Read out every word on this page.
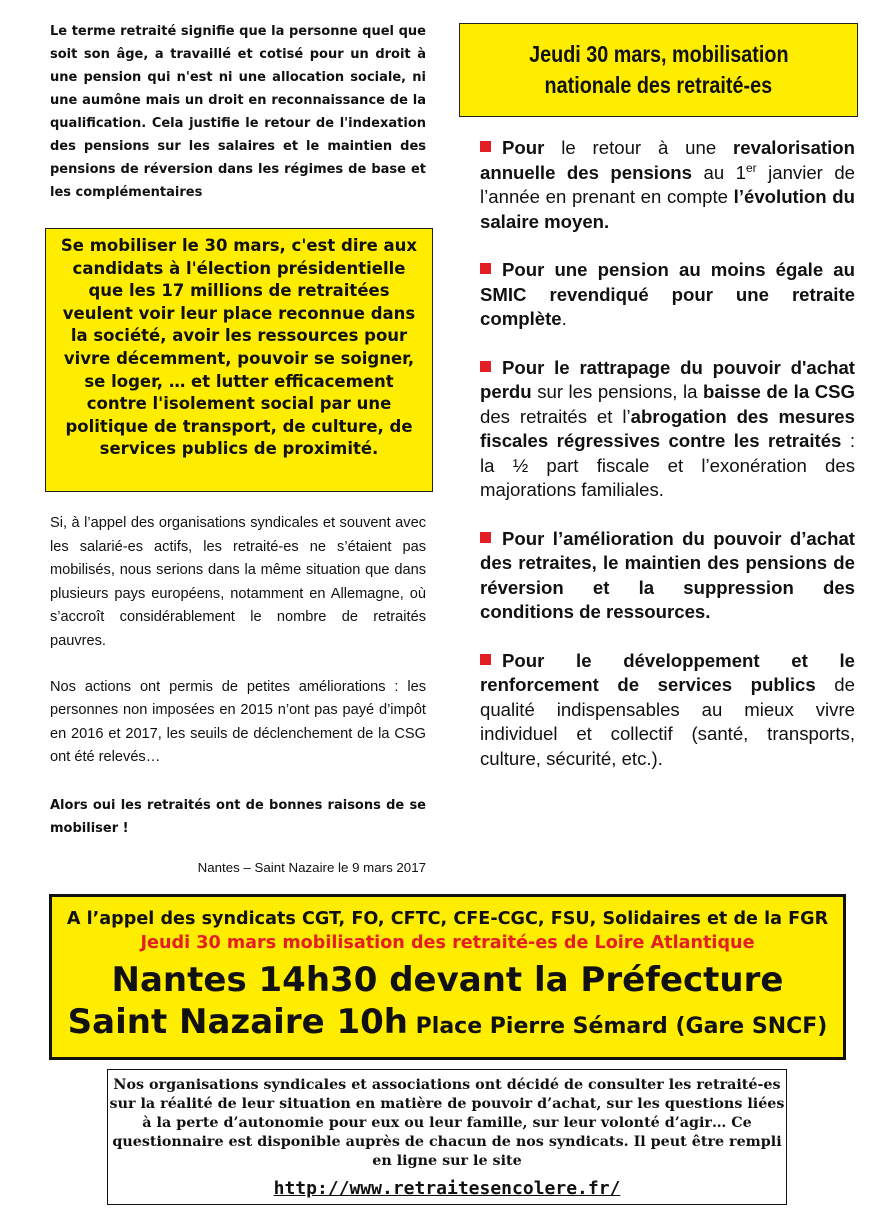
Le terme retraité signifie que la personne quel que soit son âge, a travaillé et cotisé pour un droit à une pension qui n'est ni une allocation sociale, ni une aumône mais un droit en reconnaissance de la qualification. Cela justifie le retour de l'indexation des pensions sur les salaires et le maintien des pensions de réversion dans les régimes de base et les complémentaires

Se mobiliser le 30 mars, c'est dire aux candidats à l'élection présidentielle que les 17 millions de retraitées veulent voir leur place reconnue dans la société, avoir les ressources pour vivre décemment, pouvoir se soigner, se loger, … et lutter efficacement contre l'isolement social par une politique de transport, de culture, de services publics de proximité.

Si, à l’appel des organisations syndicales et souvent avec les salarié-es actifs, les retraité-es ne s’étaient pas mobilisés, nous serions dans la même situation que dans plusieurs pays européens, notamment en Allemagne, où s’accroît considérablement le nombre de retraités pauvres.

Nos actions ont permis de petites améliorations : les personnes non imposées en 2015 n’ont pas payé d’impôt en 2016 et 2017, les seuils de déclenchement de la CSG ont été relevés…

Alors oui les retraités ont de bonnes raisons de se mobiliser !

Nantes – Saint Nazaire le 9 mars 2017
Jeudi 30 mars, mobilisation
nationale des retraité-es

Pour le retour à une revalorisation annuelle des pensions au 1er janvier de l’année en prenant en compte l’évolution du salaire moyen.

Pour une pension au moins égale au SMIC revendiqué pour une retraite complète.

Pour le rattrapage du pouvoir d'achat perdu sur les pensions, la baisse de la CSG des retraités et l’abrogation des mesures fiscales régressives contre les retraités : la ½ part fiscale et l’exonération des majorations familiales.

Pour l’amélioration du pouvoir d’achat des retraites, le maintien des pensions de réversion et la suppression des conditions de ressources.

Pour le développement et le renforcement de services publics de qualité indispensables au mieux vivre individuel et collectif (santé, transports, culture, sécurité, etc.).

A l’appel des syndicats CGT, FO, CFTC, CFE-CGC, FSU, Solidaires et de la FGR
Jeudi 30 mars mobilisation des retraité-es de Loire Atlantique
Nantes 14h30 devant la Préfecture
Saint Nazaire 10h Place Pierre Sémard (Gare SNCF)

Nos organisations syndicales et associations ont décidé de consulter les retraité-es sur la réalité de leur situation en matière de pouvoir d’achat, sur les questions liées à la perte d’autonomie pour eux ou leur famille, sur leur volonté d’agir… Ce questionnaire est disponible auprès de chacun de nos syndicats. Il peut être rempli en ligne sur le site

http://www.retraitesencolere.fr/
